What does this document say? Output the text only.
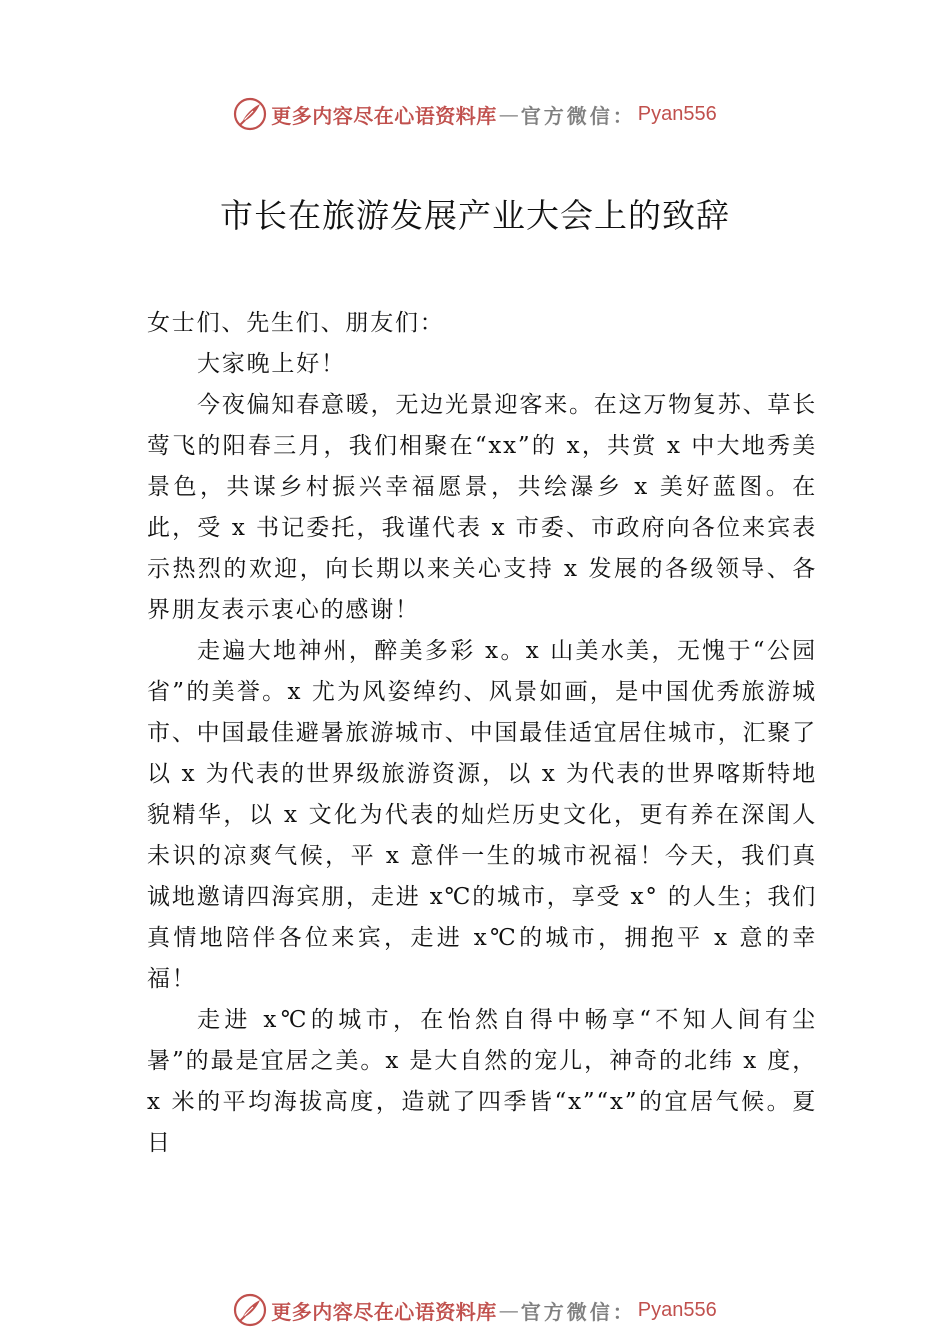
更多内容尽在心语资料库 — 官方微信： Pyan556
市长在旅游发展产业大会上的致辞

女士们、先生们、朋友们：

大家晚上好！

今夜偏知春意暖，无边光景迎客来。在这万物复苏、草长莺飞的阳春三月，我们相聚在“xx”的 x，共赏 x 中大地秀美景色，共谋乡村振兴幸福愿景，共绘瀑乡 x 美好蓝图。在此，受 x 书记委托，我谨代表 x 市委、市政府向各位来宾表示热烈的欢迎，向长期以来关心支持 x 发展的各级领导、各界朋友表示衷心的感谢！

走遍大地神州，醉美多彩 x。x 山美水美，无愧于“公园省”的美誉。x 尤为风姿绰约、风景如画，是中国优秀旅游城市、中国最佳避暑旅游城市、中国最佳适宜居住城市，汇聚了以 x 为代表的世界级旅游资源，以 x 为代表的世界喀斯特地貌精华，以 x 文化为代表的灿烂历史文化，更有养在深闺人未识的凉爽气候，平 x 意伴一生的城市祝福！今天，我们真诚地邀请四海宾朋，走进 x℃的城市，享受 x° 的人生；我们真情地陪伴各位来宾，走进 x℃的城市，拥抱平 x 意的幸福！

走进 x℃的城市，在怡然自得中畅享“不知人间有尘暑”的最是宜居之美。x 是大自然的宠儿，神奇的北纬 x 度，x 米的平均海拔高度，造就了四季皆“x”“x”的宜居气候。夏日

更多内容尽在心语资料库 — 官方微信： Pyan556
